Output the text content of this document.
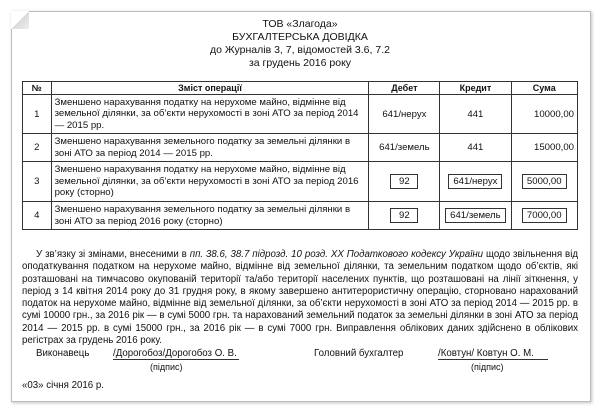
ТОВ «Злагода»
БУХГАЛТЕРСЬКА ДОВІДКА
до Журналів 3, 7, відомостей 3.6, 7.2
за грудень 2016 року
№	Зміст операції	Дебет	Кредит	Сума
1	Зменшено нарахування податку на нерухоме майно, відмінне від земельної ділянки, за об’єкти нерухомості в зоні АТО за період 2014 — 2015 рр.	641/нерух	441	10000,00
2	Зменшено нарахування земельного податку за земельні ділянки в зоні АТО за період 2014 — 2015 рр.	641/земель	441	15000,00
3	Зменшено нарахування податку на нерухоме майно, відмінне від земельної ділянки, за об’єкти нерухомості в зоні АТО за період 2016 року (сторно)	92	641/нерух	5000,00
4	Зменшено нарахування земельного податку за земельні ділянки в зоні АТО за період 2016 року (сторно)	92	641/земель	7000,00

У зв’язку зі змінами, внесеними в пп. 38.6, 38.7 підрозд. 10 розд. ХХ Податкового кодексу України щодо звільнення від оподаткування податком на нерухоме майно, відмінне від земельної ділянки, та земельним податком щодо об’єктів, які розташовані на тимчасово окупованій території та/або території населених пунктів, що розташовані на лінії зіткнення, у період з 14 квітня 2014 року до 31 грудня року, в якому завершено антитерористичну операцію, сторновано нарахований податок на нерухоме майно, відмінне від земельної ділянки, за об’єкти нерухомості в зоні АТО за період 2014 — 2015 рр. в сумі 10000 грн., за 2016 рік — в сумі 5000 грн. та нарахований земельний податок за земельні ділянки в зоні АТО за період 2014 — 2015 рр. в сумі 15000 грн., за 2016 рік — в сумі 7000 грн. Виправлення облікових даних здійснено в облікових регістрах за грудень 2016 року.

Виконавець /Дорогобоз/Дорогобоз О. В.
(підпис)
Головний бухгалтер	/Ковтун/ Ковтун О. М.
(підпис)
«03» січня 2016 р.
